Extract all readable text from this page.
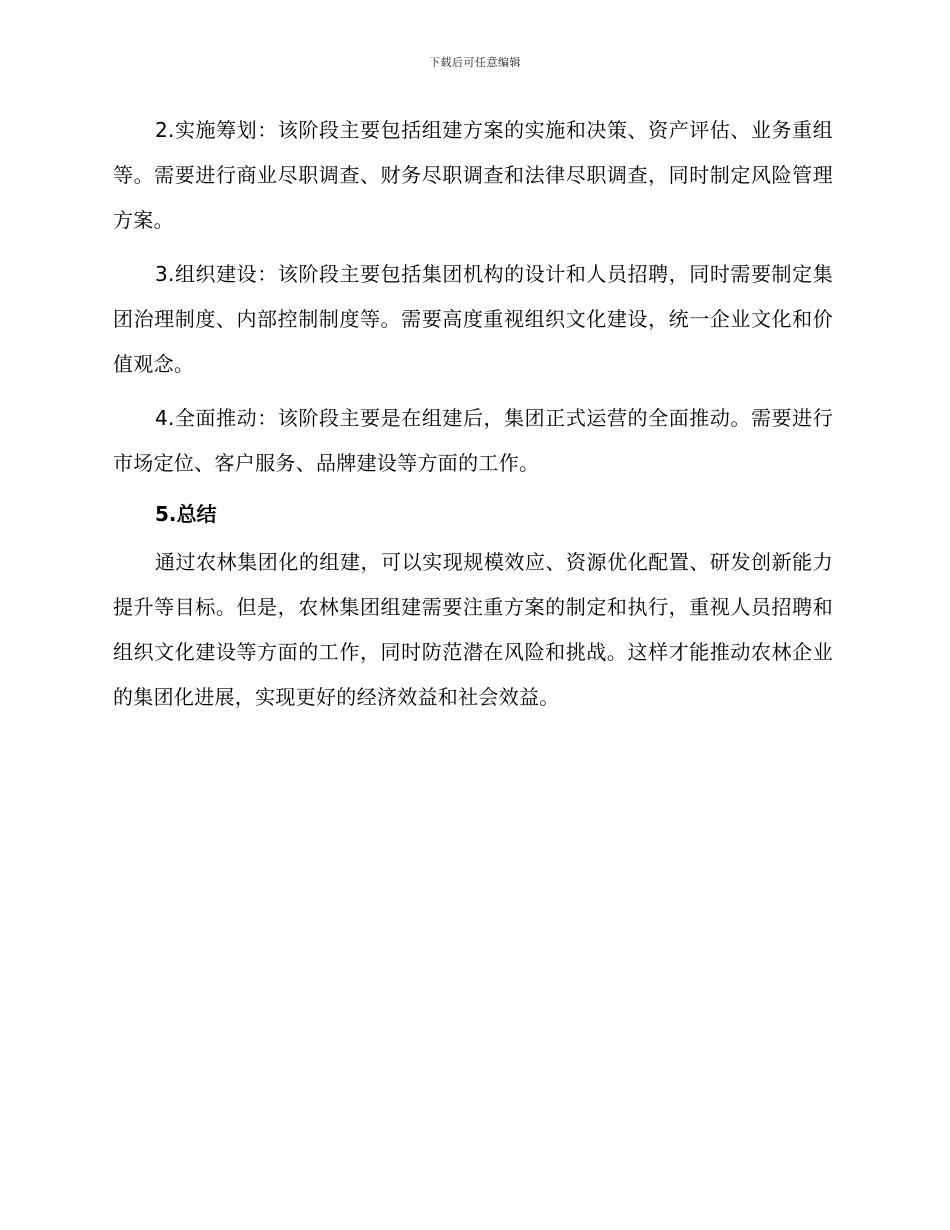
下载后可任意编辑

2.实施筹划：该阶段主要包括组建方案的实施和决策、资产评估、业务重组等。需要进行商业尽职调查、财务尽职调查和法律尽职调查，同时制定风险管理方案。

3.组织建设：该阶段主要包括集团机构的设计和人员招聘，同时需要制定集团治理制度、内部控制制度等。需要高度重视组织文化建设，统一企业文化和价值观念。

4.全面推动：该阶段主要是在组建后，集团正式运营的全面推动。需要进行市场定位、客户服务、品牌建设等方面的工作。

5.总结

通过农林集团化的组建，可以实现规模效应、资源优化配置、研发创新能力提升等目标。但是，农林集团组建需要注重方案的制定和执行，重视人员招聘和组织文化建设等方面的工作，同时防范潜在风险和挑战。这样才能推动农林企业的集团化进展，实现更好的经济效益和社会效益。
